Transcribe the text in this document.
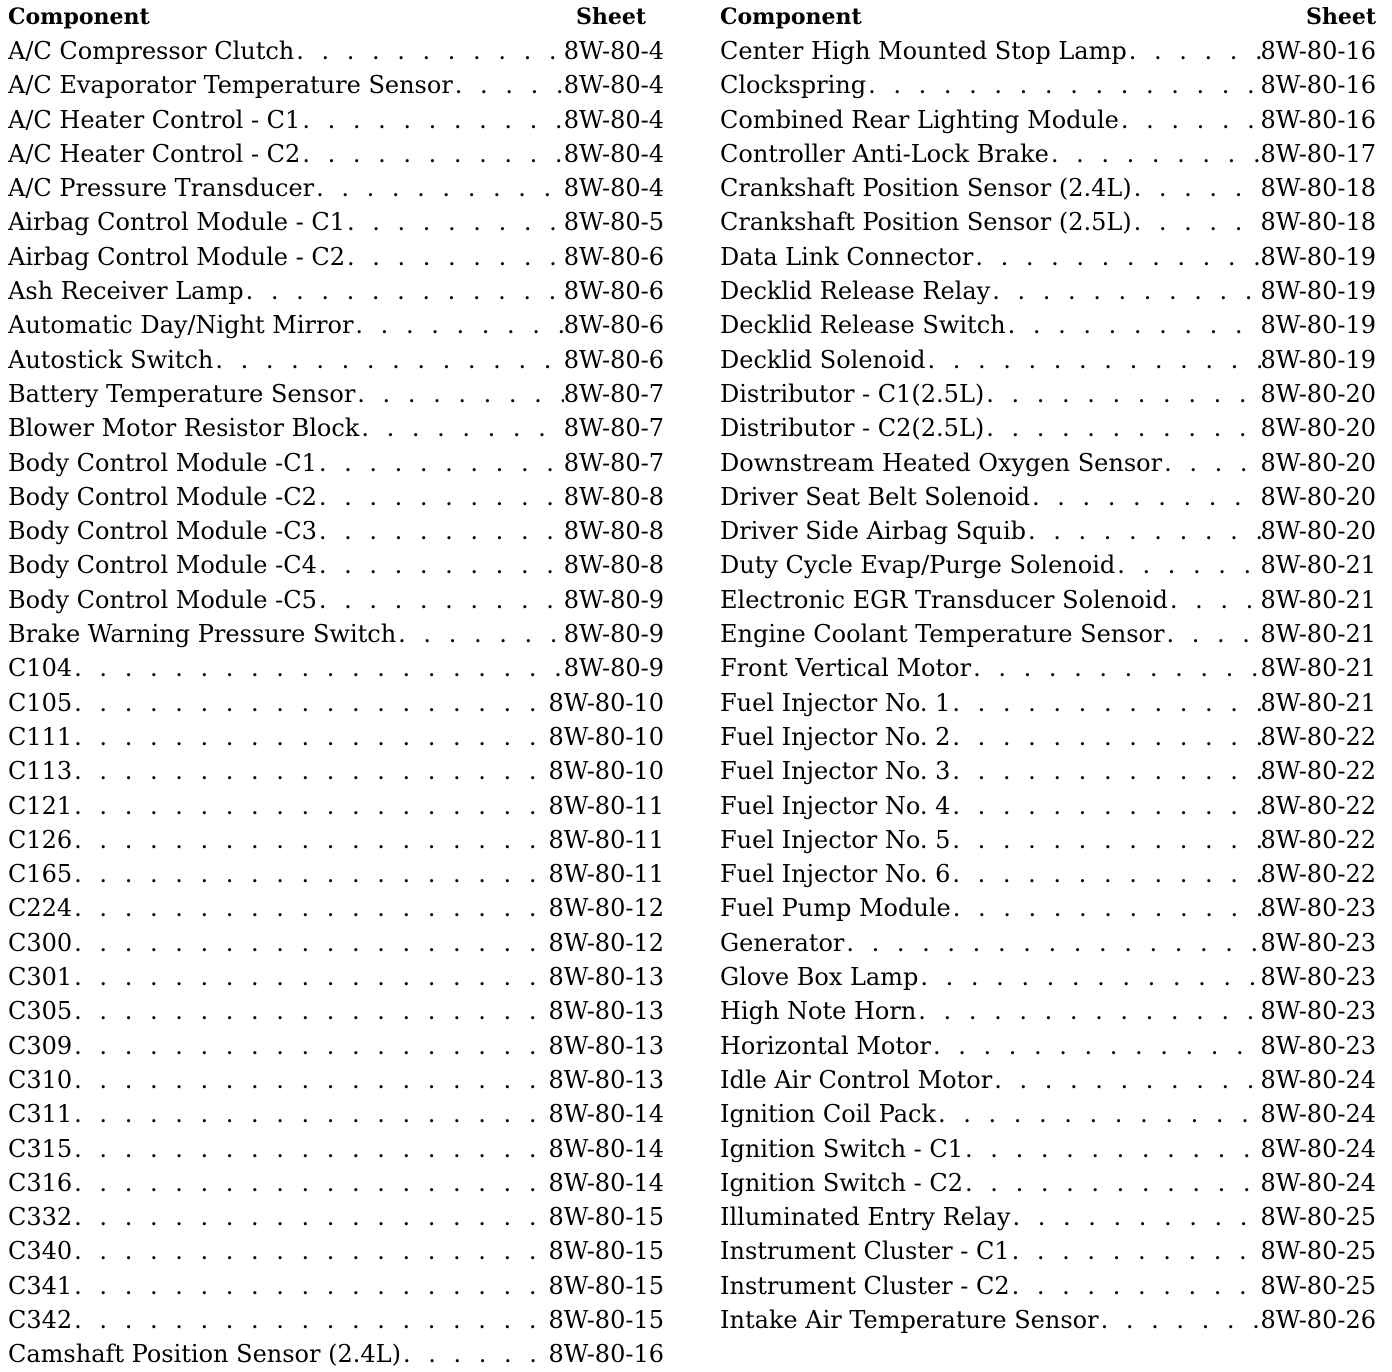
Component	Sheet
A/C Compressor Clutch . . .	8W-80-4
A/C Evaporator Temperature Sensor . . .	8W-80-4
A/C Heater Control - C1 . . .	8W-80-4
A/C Heater Control - C2 . . .	8W-80-4
A/C Pressure Transducer . . .	8W-80-4
Airbag Control Module - C1 . . .	8W-80-5
Airbag Control Module - C2 . . .	8W-80-6
Ash Receiver Lamp . . .	8W-80-6
Automatic Day/Night Mirror . . .	8W-80-6
Autostick Switch . . .	8W-80-6
Battery Temperature Sensor . . .	8W-80-7
Blower Motor Resistor Block . . .	8W-80-7
Body Control Module -C1 . . .	8W-80-7
Body Control Module -C2 . . .	8W-80-8
Body Control Module -C3 . . .	8W-80-8
Body Control Module -C4 . . .	8W-80-8
Body Control Module -C5 . . .	8W-80-9
Brake Warning Pressure Switch . . .	8W-80-9
C104 . . .	8W-80-9
C105 . . .	8W-80-10
C111 . . .	8W-80-10
C113 . . .	8W-80-10
C121 . . .	8W-80-11
C126 . . .	8W-80-11
C165 . . .	8W-80-11
C224 . . .	8W-80-12
C300 . . .	8W-80-12
C301 . . .	8W-80-13
C305 . . .	8W-80-13
C309 . . .	8W-80-13
C310 . . .	8W-80-13
C311 . . .	8W-80-14
C315 . . .	8W-80-14
C316 . . .	8W-80-14
C332 . . .	8W-80-15
C340 . . .	8W-80-15
C341 . . .	8W-80-15
C342 . . .	8W-80-15
Camshaft Position Sensor (2.4L) . . .	8W-80-16
Component	Sheet
Center High Mounted Stop Lamp . . .	8W-80-16
Clockspring . . .	8W-80-16
Combined Rear Lighting Module . . .	8W-80-16
Controller Anti-Lock Brake . . .	8W-80-17
Crankshaft Position Sensor (2.4L) . . .	8W-80-18
Crankshaft Position Sensor (2.5L) . . .	8W-80-18
Data Link Connector . . .	8W-80-19
Decklid Release Relay . . .	8W-80-19
Decklid Release Switch . . .	8W-80-19
Decklid Solenoid . . .	8W-80-19
Distributor - C1(2.5L) . . .	8W-80-20
Distributor - C2(2.5L) . . .	8W-80-20
Downstream Heated Oxygen Sensor . . .	8W-80-20
Driver Seat Belt Solenoid . . .	8W-80-20
Driver Side Airbag Squib . . .	8W-80-20
Duty Cycle Evap/Purge Solenoid . . .	8W-80-21
Electronic EGR Transducer Solenoid . . .	8W-80-21
Engine Coolant Temperature Sensor . . .	8W-80-21
Front Vertical Motor . . .	8W-80-21
Fuel Injector No. 1 . . .	8W-80-21
Fuel Injector No. 2 . . .	8W-80-22
Fuel Injector No. 3 . . .	8W-80-22
Fuel Injector No. 4 . . .	8W-80-22
Fuel Injector No. 5 . . .	8W-80-22
Fuel Injector No. 6 . . .	8W-80-22
Fuel Pump Module . . .	8W-80-23
Generator . . .	8W-80-23
Glove Box Lamp . . .	8W-80-23
High Note Horn . . .	8W-80-23
Horizontal Motor . . .	8W-80-23
Idle Air Control Motor . . .	8W-80-24
Ignition Coil Pack . . .	8W-80-24
Ignition Switch - C1 . . .	8W-80-24
Ignition Switch - C2 . . .	8W-80-24
Illuminated Entry Relay . . .	8W-80-25
Instrument Cluster - C1 . . .	8W-80-25
Instrument Cluster - C2 . . .	8W-80-25
Intake Air Temperature Sensor . . .	8W-80-26
